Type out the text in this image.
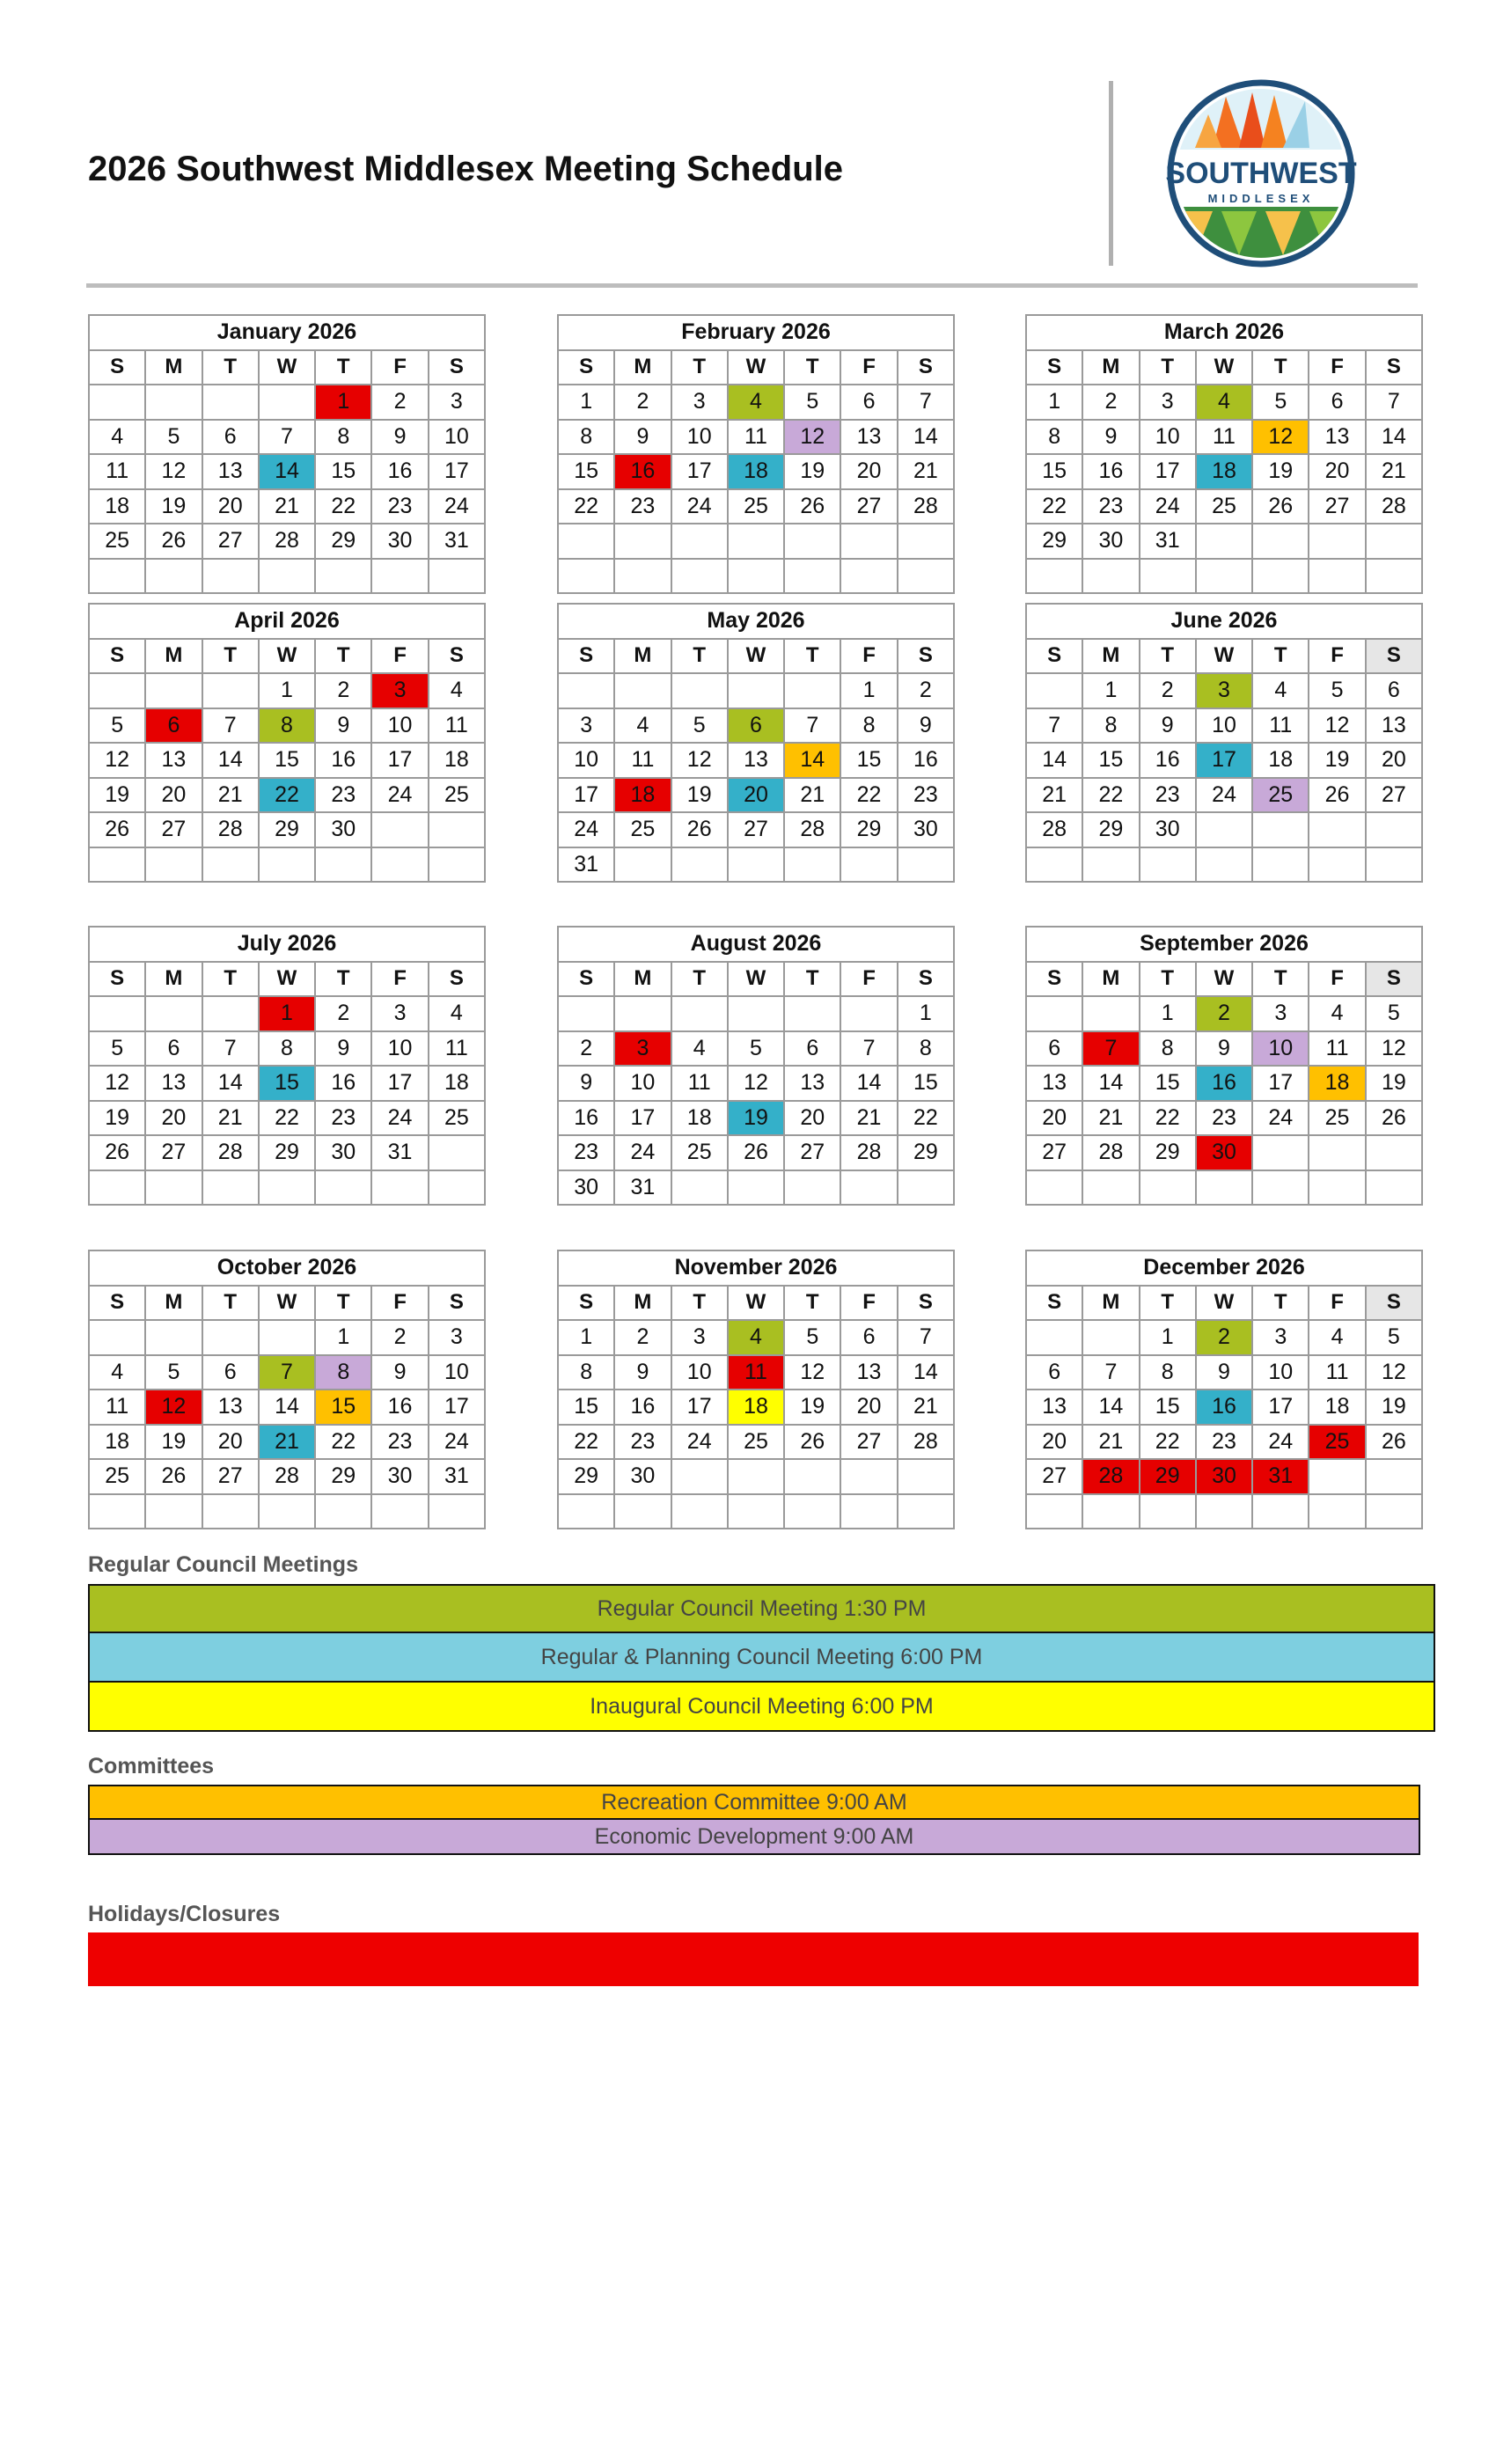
2026 Southwest Middlesex Meeting Schedule	SOUTHWEST
MIDDLESEX
January 2026						
S	M	T	W	T	F	S
				1	2	3
4	5	6	7	8	9	10
11	12	13	14	15	16	17
18	19	20	21	22	23	24
25	26	27	28	29	30	31

February 2026						
S	M	T	W	T	F	S
1	2	3	4	5	6	7
8	9	10	11	12	13	14
15	16	17	18	19	20	21
22	23	24	25	26	27	28

March 2026						
S	M	T	W	T	F	S
1	2	3	4	5	6	7
8	9	10	11	12	13	14
15	16	17	18	19	20	21
22	23	24	25	26	27	28
29	30	31				

April 2026						
S	M	T	W	T	F	S
			1	2	3	4
5	6	7	8	9	10	11
12	13	14	15	16	17	18
19	20	21	22	23	24	25
26	27	28	29	30		

May 2026						
S	M	T	W	T	F	S
					1	2
3	4	5	6	7	8	9
10	11	12	13	14	15	16
17	18	19	20	21	22	23
24	25	26	27	28	29	30
31						
June 2026						
S	M	T	W	T	F	S
	1	2	3	4	5	6
7	8	9	10	11	12	13
14	15	16	17	18	19	20
21	22	23	24	25	26	27
28	29	30				

July 2026						
S	M	T	W	T	F	S
			1	2	3	4
5	6	7	8	9	10	11
12	13	14	15	16	17	18
19	20	21	22	23	24	25
26	27	28	29	30	31	

August 2026						
S	M	T	W	T	F	S
						1
2	3	4	5	6	7	8
9	10	11	12	13	14	15
16	17	18	19	20	21	22
23	24	25	26	27	28	29
30	31					
September 2026						
S	M	T	W	T	F	S
		1	2	3	4	5
6	7	8	9	10	11	12
13	14	15	16	17	18	19
20	21	22	23	24	25	26
27	28	29	30			

October 2026						
S	M	T	W	T	F	S
				1	2	3
4	5	6	7	8	9	10
11	12	13	14	15	16	17
18	19	20	21	22	23	24
25	26	27	28	29	30	31

November 2026						
S	M	T	W	T	F	S
1	2	3	4	5	6	7
8	9	10	11	12	13	14
15	16	17	18	19	20	21
22	23	24	25	26	27	28
29	30					

December 2026						
S	M	T	W	T	F	S
		1	2	3	4	5
6	7	8	9	10	11	12
13	14	15	16	17	18	19
20	21	22	23	24	25	26
27	28	29	30	31		

Regular Council Meetings
Regular Council Meeting 1:30 PM
Regular & Planning Council Meeting 6:00 PM
Inaugural Council Meeting 6:00 PM
Committees
Recreation Committee 9:00 AM
Economic Development 9:00 AM
Holidays/Closures
